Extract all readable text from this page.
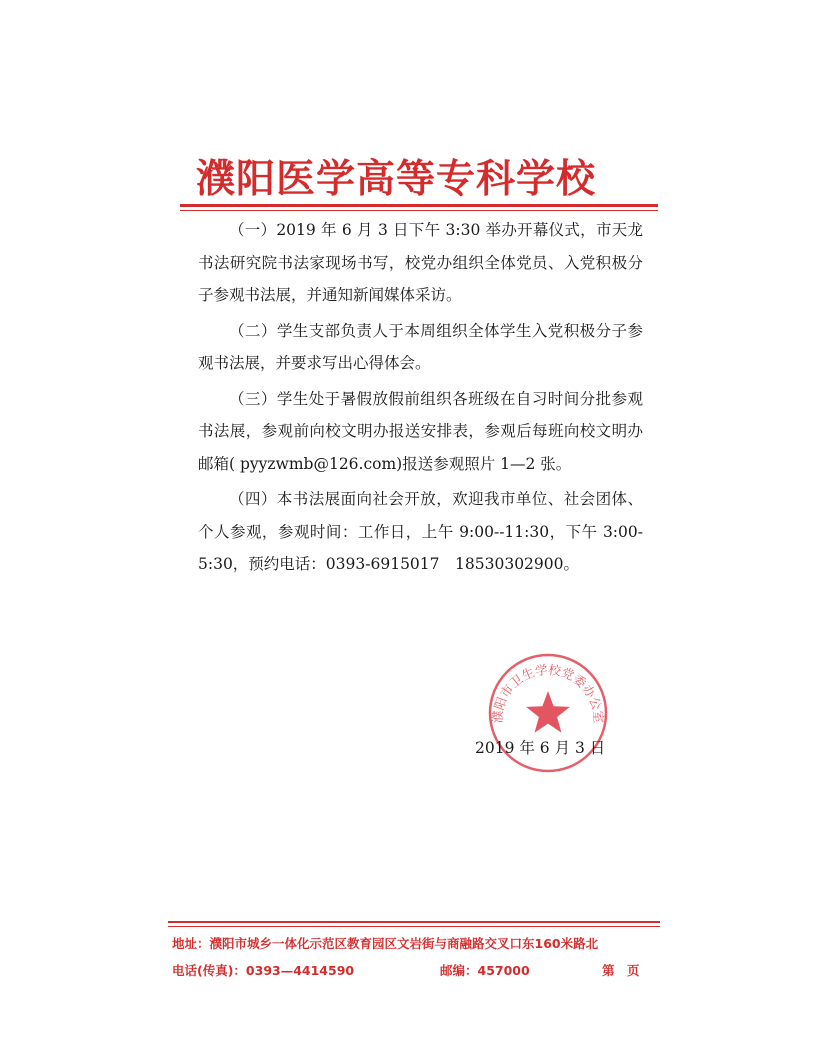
濮阳医学高等专科学校

（一）2019 年 6 月 3 日下午 3:30 举办开幕仪式，市天龙书法研究院书法家现场书写，校党办组织全体党员、入党积极分子参观书法展，并通知新闻媒体采访。

（二）学生支部负责人于本周组织全体学生入党积极分子参观书法展，并要求写出心得体会。

（三）学生处于暑假放假前组织各班级在自习时间分批参观书法展，参观前向校文明办报送安排表，参观后每班向校文明办邮箱( pyyzwmb@126.com)报送参观照片 1—2 张。

（四）本书法展面向社会开放，欢迎我市单位、社会团体、个人参观，参观时间：工作日，上午 9:00--11:30，下午 3:00-5:30，预约电话：0393-6915017　18530302900。

濮阳市卫生学校党委办公室
2019 年 6 月 3 日
地址：濮阳市城乡一体化示范区教育园区文岩街与商融路交叉口东160米路北
电话(传真)：0393—4414590	邮编：457000	第　页
